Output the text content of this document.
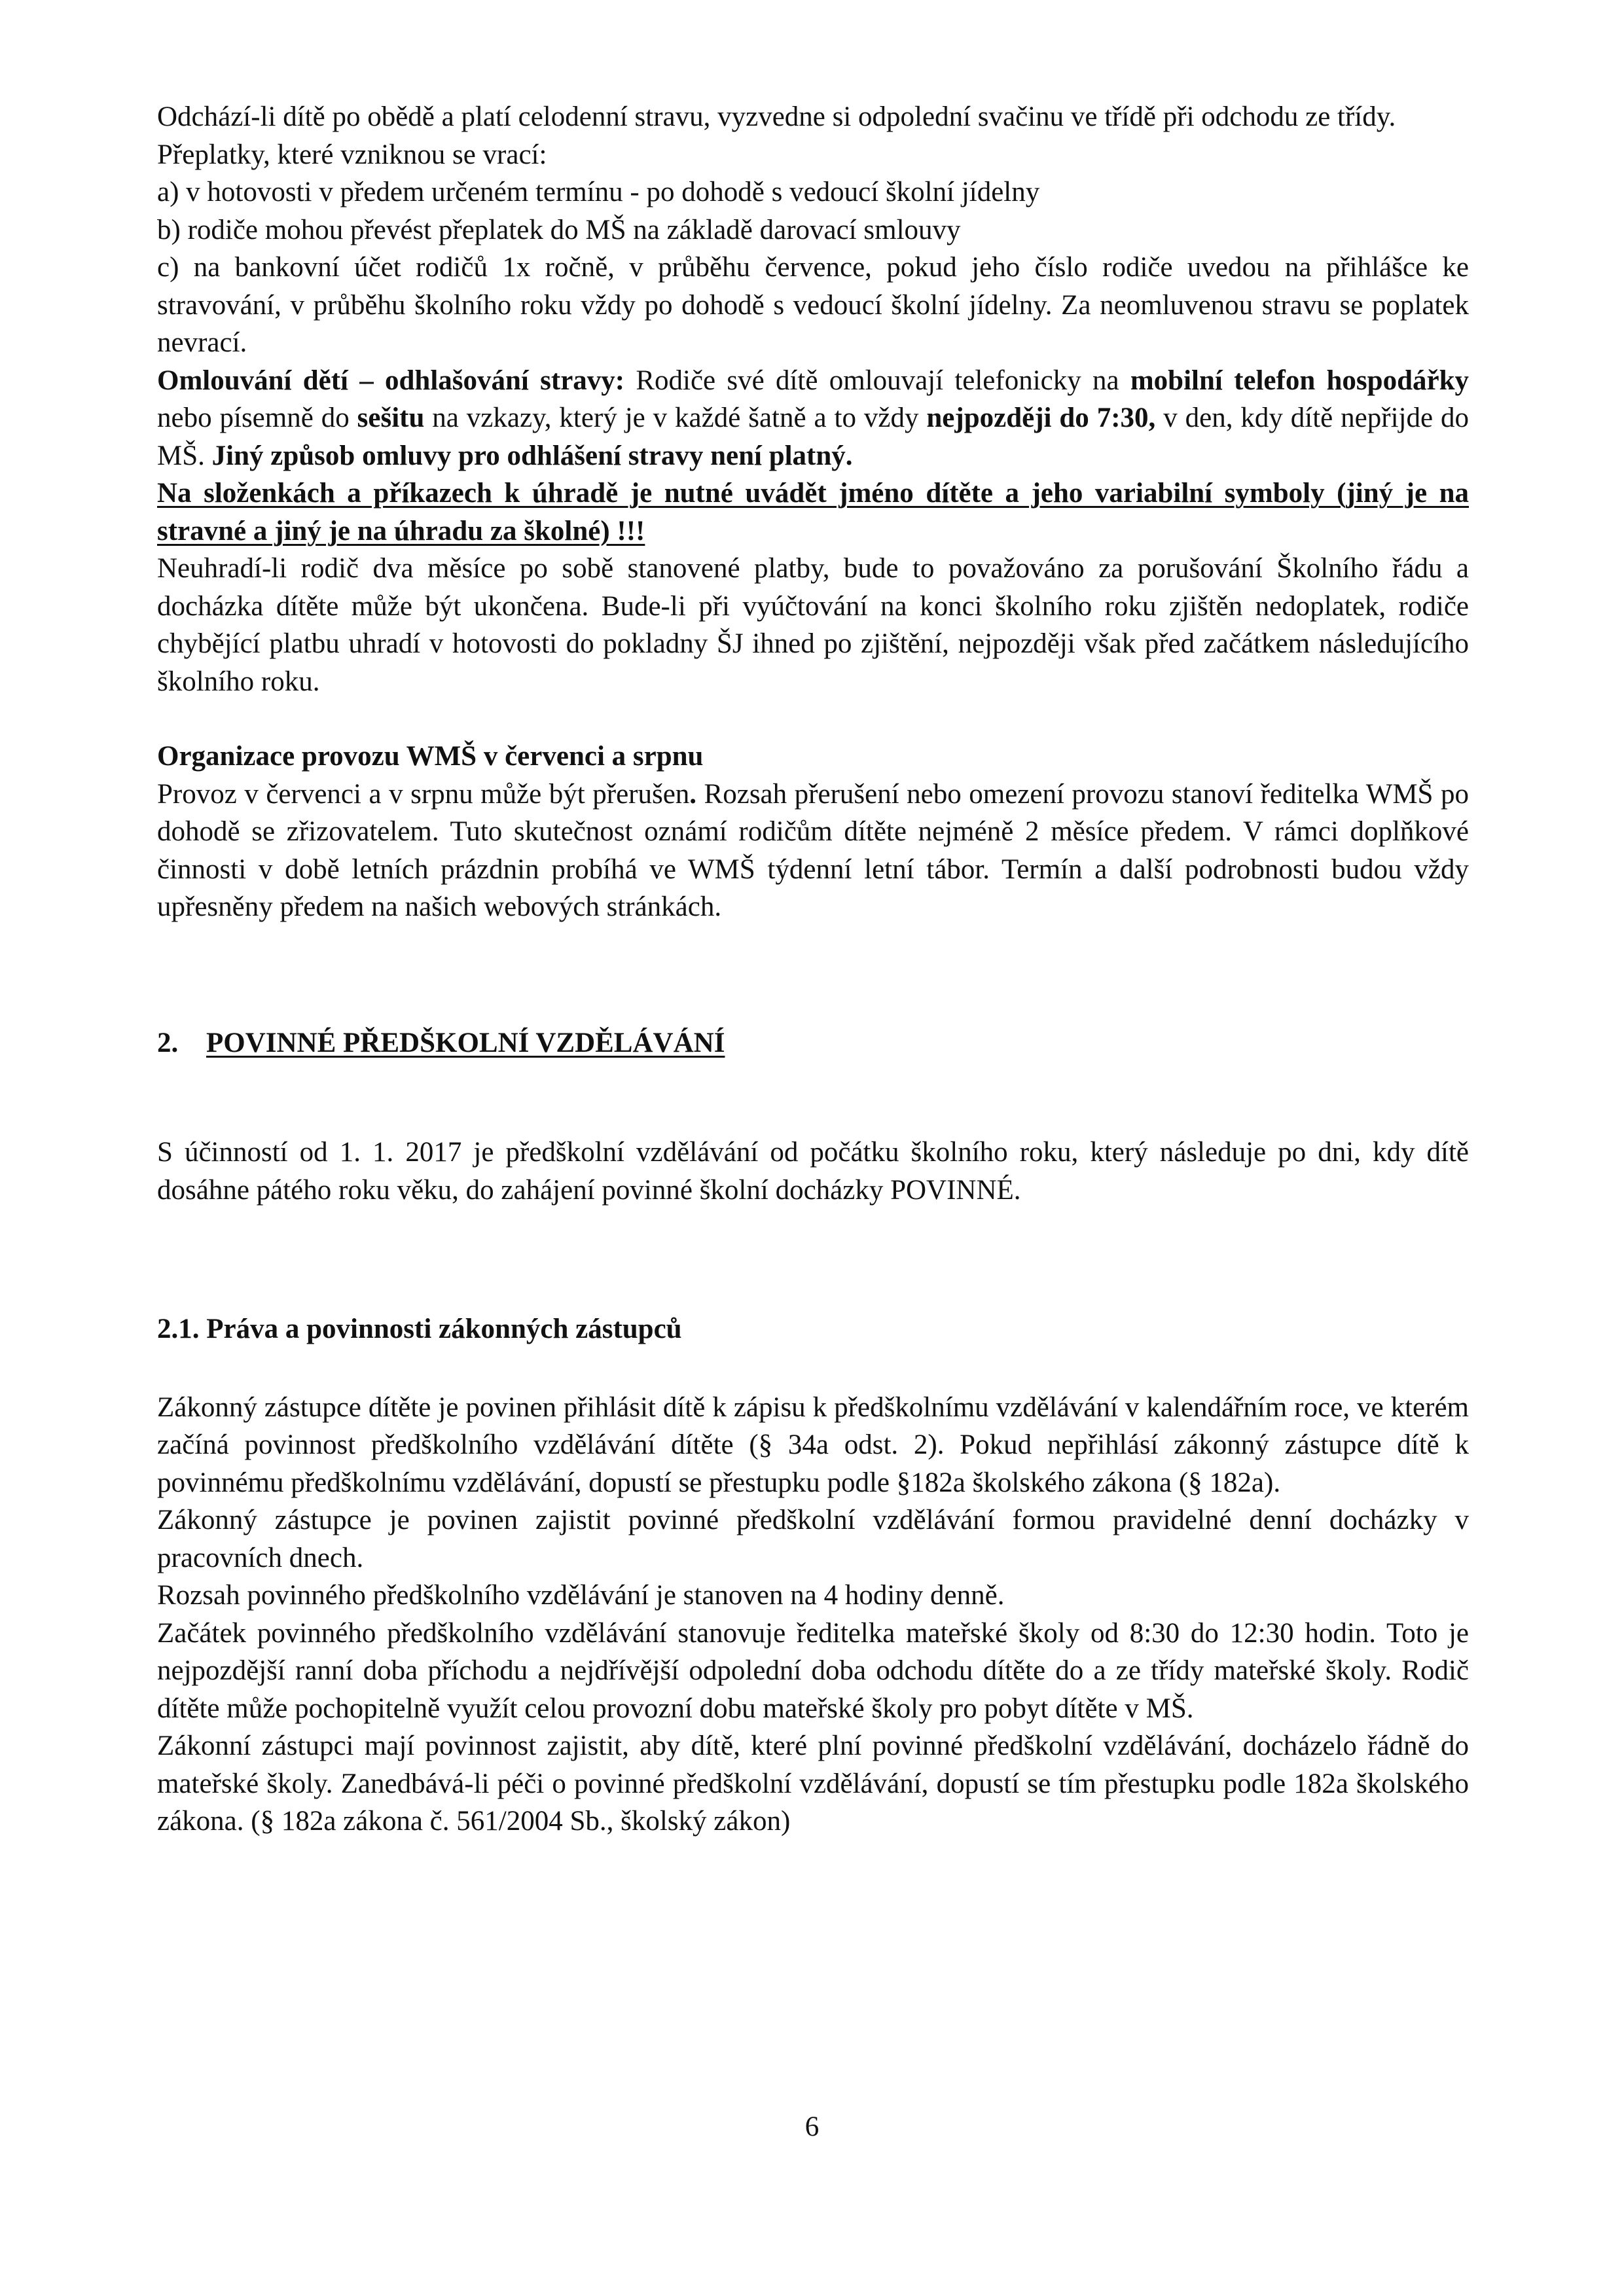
Odchází-li dítě po obědě a platí celodenní stravu, vyzvedne si odpolední svačinu ve třídě při odchodu ze třídy.

Přeplatky, které vzniknou se vrací:

a) v hotovosti v předem určeném termínu - po dohodě s vedoucí školní jídelny

b) rodiče mohou převést přeplatek do MŠ na základě darovací smlouvy

c) na bankovní účet rodičů 1x ročně, v průběhu července, pokud jeho číslo rodiče uvedou na přihlášce ke stravování, v průběhu školního roku vždy po dohodě s vedoucí školní jídelny. Za neomluvenou stravu se poplatek nevrací.

Omlouvání dětí – odhlašování stravy: Rodiče své dítě omlouvají telefonicky na mobilní telefon hospodářky nebo písemně do sešitu na vzkazy, který je v každé šatně a to vždy nejpozději do 7:30, v den, kdy dítě nepřijde do MŠ. Jiný způsob omluvy pro odhlášení stravy není platný.

Na složenkách a příkazech k úhradě je nutné uvádět jméno dítěte a jeho variabilní symboly (jiný je na stravné a jiný je na úhradu za školné) !!!

Neuhradí-li rodič dva měsíce po sobě stanovené platby, bude to považováno za porušování Školního řádu a docházka dítěte může být ukončena. Bude-li při vyúčtování na konci školního roku zjištěn nedoplatek, rodiče chybějící platbu uhradí v hotovosti do pokladny ŠJ ihned po zjištění, nejpozději však před začátkem následujícího školního roku.

Organizace provozu WMŠ v červenci a srpnu

Provoz v červenci a v srpnu může být přerušen. Rozsah přerušení nebo omezení provozu stanoví ředitelka WMŠ po dohodě se zřizovatelem. Tuto skutečnost oznámí rodičům dítěte nejméně 2 měsíce předem. V rámci doplňkové činnosti v době letních prázdnin probíhá ve WMŠ týdenní letní tábor. Termín a další podrobnosti budou vždy upřesněny předem na našich webových stránkách.

2. POVINNÉ PŘEDŠKOLNÍ VZDĚLÁVÁNÍ

S účinností od 1. 1. 2017 je předškolní vzdělávání od počátku školního roku, který následuje po dni, kdy dítě dosáhne pátého roku věku, do zahájení povinné školní docházky POVINNÉ.

2.1. Práva a povinnosti zákonných zástupců

Zákonný zástupce dítěte je povinen přihlásit dítě k zápisu k předškolnímu vzdělávání v kalendářním roce, ve kterém začíná povinnost předškolního vzdělávání dítěte (§ 34a odst. 2). Pokud nepřihlásí zákonný zástupce dítě k povinnému předškolnímu vzdělávání, dopustí se přestupku podle §182a školského zákona (§ 182a).

Zákonný zástupce je povinen zajistit povinné předškolní vzdělávání formou pravidelné denní docházky v pracovních dnech.

Rozsah povinného předškolního vzdělávání je stanoven na 4 hodiny denně.

Začátek povinného předškolního vzdělávání stanovuje ředitelka mateřské školy od 8:30 do 12:30 hodin. Toto je nejpozdější ranní doba příchodu a nejdřívější odpolední doba odchodu dítěte do a ze třídy mateřské školy. Rodič dítěte může pochopitelně využít celou provozní dobu mateřské školy pro pobyt dítěte v MŠ.

Zákonní zástupci mají povinnost zajistit, aby dítě, které plní povinné předškolní vzdělávání, docházelo řádně do mateřské školy. Zanedbává-li péči o povinné předškolní vzdělávání, dopustí se tím přestupku podle 182a školského zákona. (§ 182a zákona č. 561/2004 Sb., školský zákon)

6
